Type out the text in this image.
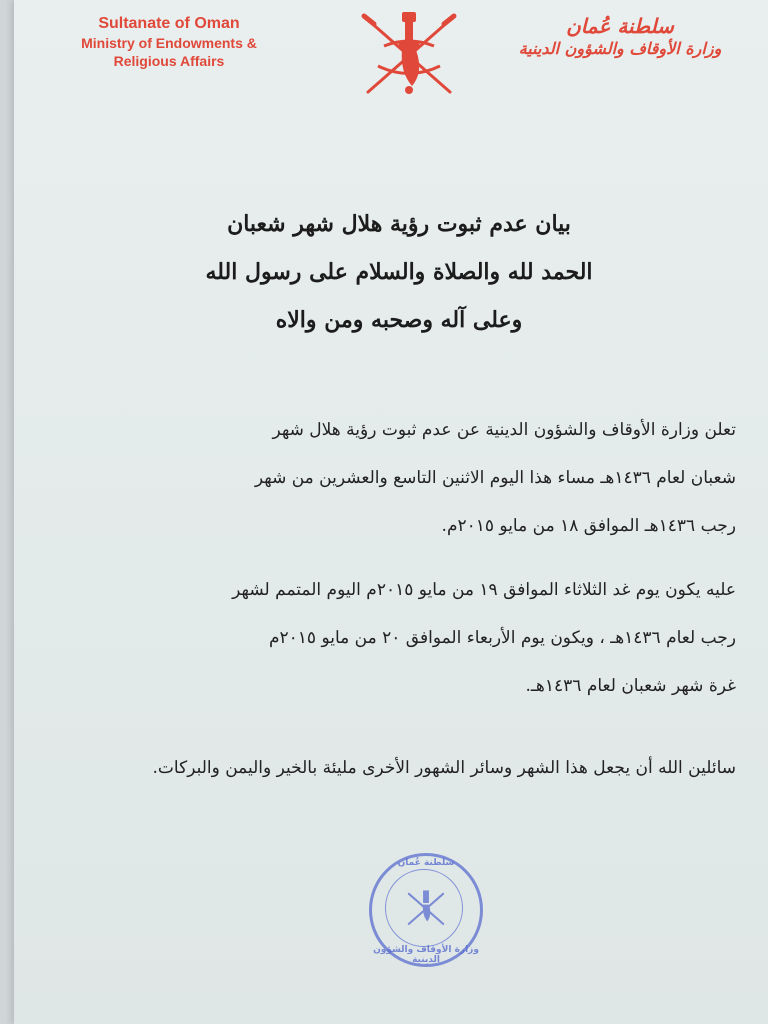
Sultanate of Oman
Ministry of Endowments &
Religious Affairs
سلطنة عُمان
وزارة الأوقاف والشؤون الدينية
بيان عدم ثبوت رؤية هلال شهر شعبان
الحمد لله والصلاة والسلام على رسول الله
وعلى آله وصحبه ومن والاه
تعلن وزارة الأوقاف والشؤون الدينية عن عدم ثبوت رؤية هلال شهر
شعبان لعام ١٤٣٦هـ مساء هذا اليوم الاثنين التاسع والعشرين من شهر
رجب ١٤٣٦هـ الموافق ١٨ من مايو ٢٠١٥م.
عليه يكون يوم غد الثلاثاء الموافق ١٩ من مايو ٢٠١٥م اليوم المتمم لشهر
رجب لعام ١٤٣٦هـ ، ويكون يوم الأربعاء الموافق ٢٠ من مايو ٢٠١٥م
غرة شهر شعبان لعام ١٤٣٦هـ.
سائلين الله أن يجعل هذا الشهر وسائر الشهور الأخرى مليئة بالخير واليمن والبركات.
سلطنة عُمان
وزارة الأوقاف والشؤون الدينية
